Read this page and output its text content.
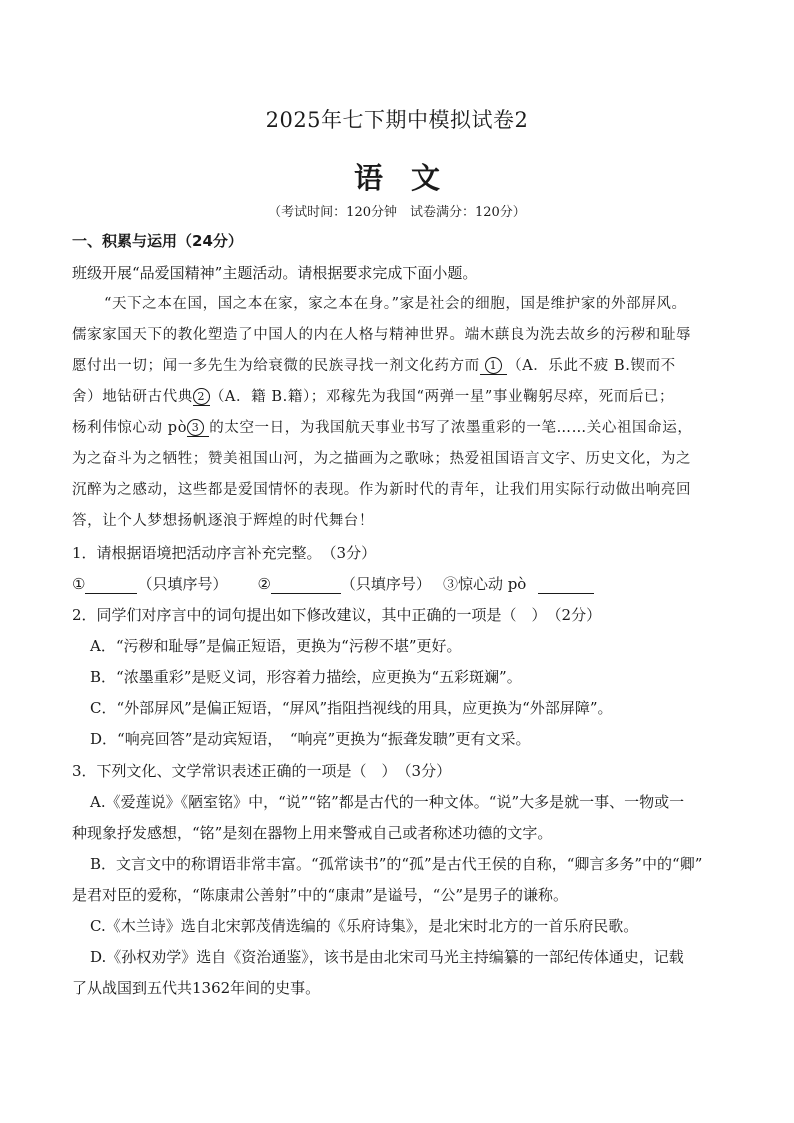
2025年七下期中模拟试卷2
语文
（考试时间：120分钟　试卷满分：120分）
一、积累与运用（24分）
班级开展“品爱国精神”主题活动。请根据要求完成下面小题。
“天下之本在国，国之本在家，家之本在身。”家是社会的细胞，国是维护家的外部屏风。
儒家家国天下的教化塑造了中国人的内在人格与精神世界。端木蕻良为洗去故乡的污秽和耻辱
愿付出一切；闻一多先生为给衰微的民族寻找一剂文化药方而 1 （A．乐此不疲 B.锲而不
舍）地钻研古代典 2 （A．籍 B.籍）；邓稼先为我国“两弹一星”事业鞠躬尽瘁，死而后已；
杨利伟惊心动 pò 3 的太空一日，为我国航天事业书写了浓墨重彩的一笔……关心祖国命运，
为之奋斗为之牺牲；赞美祖国山河，为之描画为之歌咏；热爱祖国语言文字、历史文化，为之
沉醉为之感动，这些都是爱国情怀的表现。作为新时代的青年，让我们用实际行动做出响亮回
答，让个人梦想扬帆逐浪于辉煌的时代舞台！
1．请根据语境把活动序言补充完整。　（3分）
①	（只填序号） ②	（只填序号） ③惊心动 pò
2．同学们对序言中的词句提出如下修改建议，其中正确的一项是（　）　（2分）
A．“污秽和耻辱”是偏正短语，更换为“污秽不堪”更好。
B．“浓墨重彩”是贬义词，形容着力描绘，应更换为“五彩斑斓”。
C．“外部屏风”是偏正短语，“屏风”指阻挡视线的用具，应更换为“外部屏障”。
D．“响亮回答”是动宾短语，　“响亮”更换为“振聋发聩”更有文采。
3．下列文化、文学常识表述正确的一项是（　）　（3分）
A.《爱莲说》《陋室铭》中，“说”“铭”都是古代的一种文体。“说”大多是就一事、一物或一
种现象抒发感想，“铭”是刻在器物上用来警戒自己或者称述功德的文字。
B．文言文中的称谓语非常丰富。“孤常读书”的“孤”是古代王侯的自称，“卿言多务”中的“卿”
是君对臣的爱称，“陈康肃公善射”中的“康肃”是谥号，“公”是男子的谦称。
C.《木兰诗》选自北宋郭茂倩选编的《乐府诗集》，是北宋时北方的一首乐府民歌。
D.《孙权劝学》选自《资治通鉴》，该书是由北宋司马光主持编纂的一部纪传体通史，记载
了从战国到五代共1362年间的史事。
